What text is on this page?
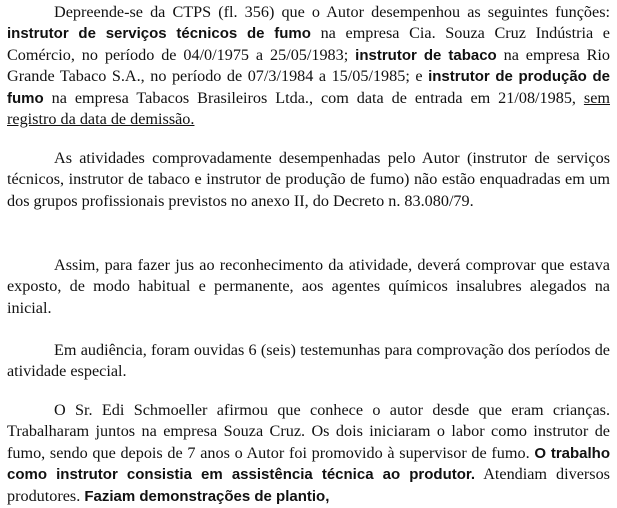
Depreende-se da CTPS (fl. 356) que o Autor desempenhou as seguintes funções: instrutor de serviços técnicos de fumo na empresa Cia. Souza Cruz Indústria e Comércio, no período de 04/0/1975 a 25/05/1983; instrutor de tabaco na empresa Rio Grande Tabaco S.A., no período de 07/3/1984 a 15/05/1985; e instrutor de produção de fumo na empresa Tabacos Brasileiros Ltda., com data de entrada em 21/08/1985, sem registro da data de demissão.

As atividades comprovadamente desempenhadas pelo Autor (instrutor de serviços técnicos, instrutor de tabaco e instrutor de produção de fumo) não estão enquadradas em um dos grupos profissionais previstos no anexo II, do Decreto n. 83.080/79.

Assim, para fazer jus ao reconhecimento da atividade, deverá comprovar que estava exposto, de modo habitual e permanente, aos agentes químicos insalubres alegados na inicial.

Em audiência, foram ouvidas 6 (seis) testemunhas para comprovação dos períodos de atividade especial.

O Sr. Edi Schmoeller afirmou que conhece o autor desde que eram crianças. Trabalharam juntos na empresa Souza Cruz. Os dois iniciaram o labor como instrutor de fumo, sendo que depois de 7 anos o Autor foi promovido à supervisor de fumo. O trabalho como instrutor consistia em assistência técnica ao produtor. Atendiam diversos produtores. Faziam demonstrações de plantio,
